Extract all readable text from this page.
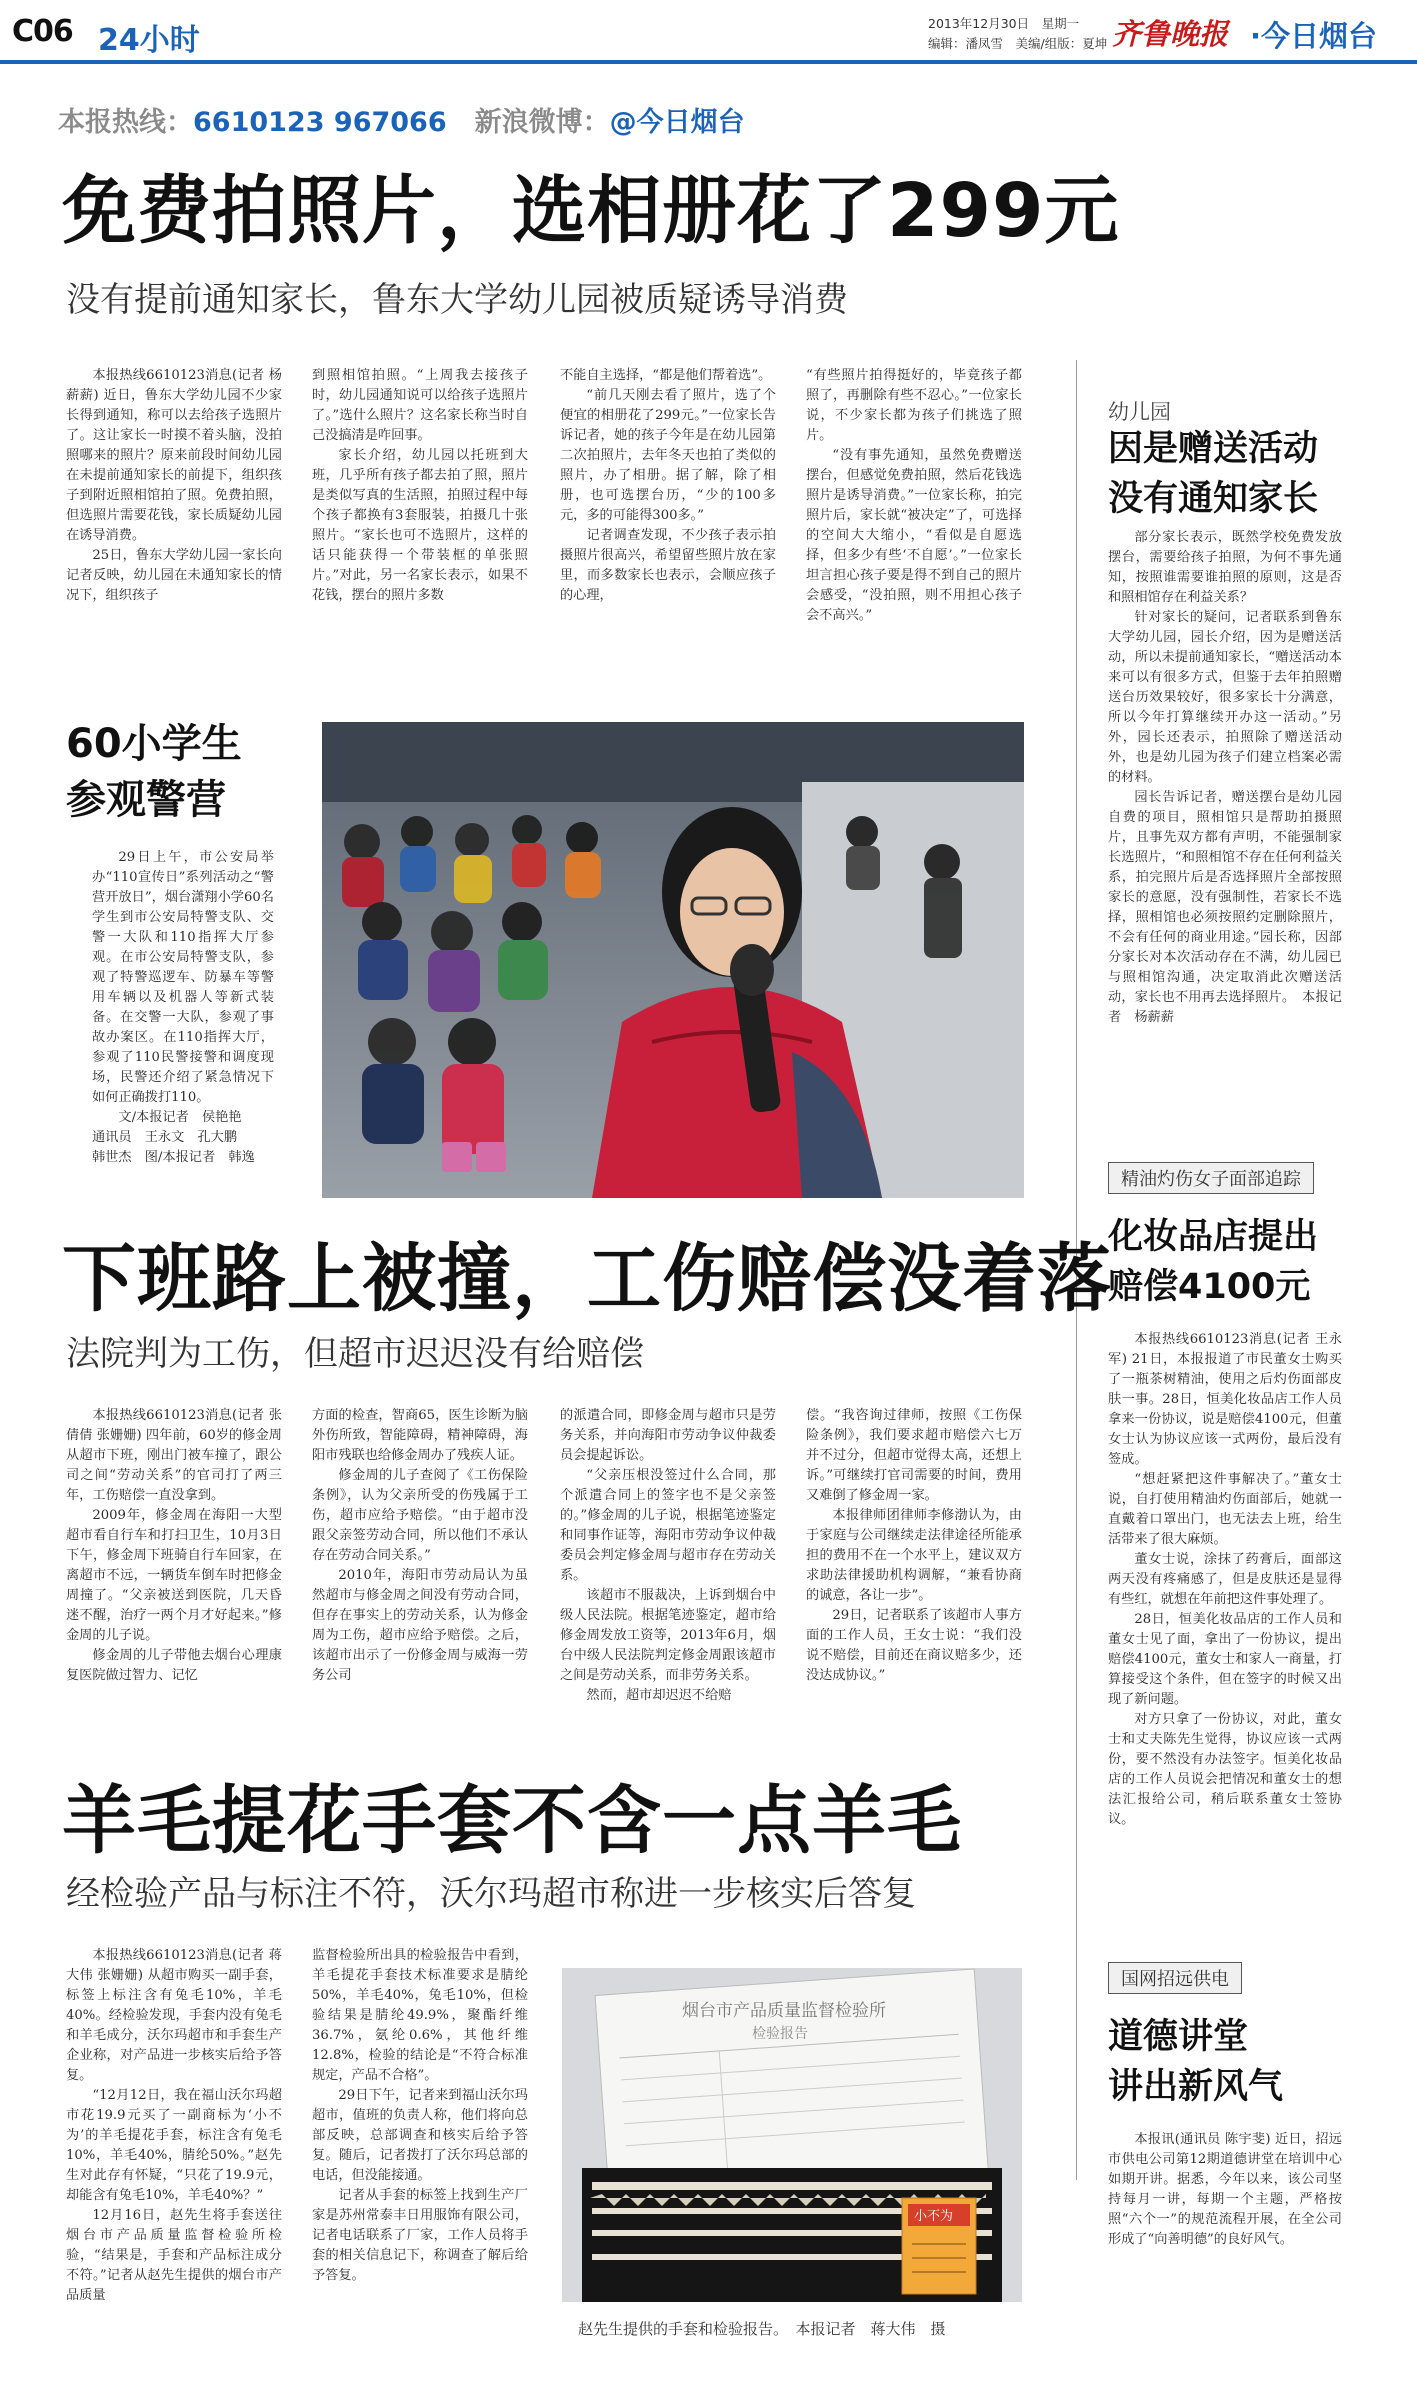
C06 24小时	2013年12月30日　星期一
编辑：潘凤雪　美编/组版：夏坤 齐鲁晚报 ·今日烟台
本报热线：6610123 967066 新浪微博：@今日烟台
免费拍照片，选相册花了299元
没有提前通知家长，鲁东大学幼儿园被质疑诱导消费

本报热线6610123消息(记者 杨薪薪) 近日，鲁东大学幼儿园不少家长得到通知，称可以去给孩子选照片了。这让家长一时摸不着头脑，没拍照哪来的照片？原来前段时间幼儿园在未提前通知家长的前提下，组织孩子到附近照相馆拍了照。免费拍照，但选照片需要花钱，家长质疑幼儿园在诱导消费。

25日，鲁东大学幼儿园一家长向记者反映，幼儿园在未通知家长的情况下，组织孩子

到照相馆拍照。“上周我去接孩子时，幼儿园通知说可以给孩子选照片了。”选什么照片？这名家长称当时自己没搞清是咋回事。

家长介绍，幼儿园以托班到大班，几乎所有孩子都去拍了照，照片是类似写真的生活照，拍照过程中每个孩子都换有3套服装，拍摄几十张照片。“家长也可不选照片，这样的话只能获得一个带装框的单张照片。”对此，另一名家长表示，如果不花钱，摆台的照片多数

不能自主选择，“都是他们帮着选”。

“前几天刚去看了照片，选了个便宜的相册花了299元。”一位家长告诉记者，她的孩子今年是在幼儿园第二次拍照片，去年冬天也拍了类似的照片，办了相册。据了解，除了相册，也可选摆台历，“少的100多元，多的可能得300多。”

记者调查发现，不少孩子表示拍摄照片很高兴，希望留些照片放在家里，而多数家长也表示，会顺应孩子的心理，

“有些照片拍得挺好的，毕竟孩子都照了，再删除有些不忍心。”一位家长说，不少家长都为孩子们挑选了照片。

“没有事先通知，虽然免费赠送摆台，但感觉免费拍照，然后花钱选照片是诱导消费。”一位家长称，拍完照片后，家长就“被决定”了，可选择的空间大大缩小，“看似是自愿选择，但多少有些‘不自愿’。”一位家长坦言担心孩子要是得不到自己的照片会感受，“没拍照，则不用担心孩子会不高兴。”

幼儿园
因是赠送活动
没有通知家长

部分家长表示，既然学校免费发放摆台，需要给孩子拍照，为何不事先通知，按照谁需要谁拍照的原则，这是否和照相馆存在利益关系？

针对家长的疑问，记者联系到鲁东大学幼儿园，园长介绍，因为是赠送活动，所以未提前通知家长，“赠送活动本来可以有很多方式，但鉴于去年拍照赠送台历效果较好，很多家长十分满意，所以今年打算继续开办这一活动。”另外，园长还表示，拍照除了赠送活动外，也是幼儿园为孩子们建立档案必需的材料。

园长告诉记者，赠送摆台是幼儿园自费的项目，照相馆只是帮助拍摄照片，且事先双方都有声明，不能强制家长选照片，“和照相馆不存在任何利益关系，拍完照片后是否选择照片全部按照家长的意愿，没有强制性，若家长不选择，照相馆也必须按照约定删除照片，不会有任何的商业用途。”园长称，因部分家长对本次活动存在不满，幼儿园已与照相馆沟通，决定取消此次赠送活动，家长也不用再去选择照片。　本报记者　杨薪薪

60小学生
参观警营

29日上午，市公安局举办“110宣传日”系列活动之“警营开放日”，烟台潇翔小学60名学生到市公安局特警支队、交警一大队和110指挥大厅参观。在市公安局特警支队，参观了特警巡逻车、防暴车等警用车辆以及机器人等新式装备。在交警一大队，参观了事故办案区。在110指挥大厅，参观了110民警接警和调度现场，民警还介绍了紧急情况下如何正确拨打110。

文/本报记者　侯艳艳

通讯员　王永文　孔大鹏

韩世杰　图/本报记者　韩逸

下班路上被撞，工伤赔偿没着落
法院判为工伤，但超市迟迟没有给赔偿

本报热线6610123消息(记者 张倩倩 张姗姗) 四年前，60岁的修金周从超市下班，刚出门被车撞了，跟公司之间“劳动关系”的官司打了两三年，工伤赔偿一直没拿到。

2009年，修金周在海阳一大型超市看自行车和打扫卫生，10月3日下午，修金周下班骑自行车回家，在离超市不远，一辆货车倒车时把修金周撞了。“父亲被送到医院，几天昏迷不醒，治疗一两个月才好起来。”修金周的儿子说。

修金周的儿子带他去烟台心理康复医院做过智力、记忆

方面的检查，智商65，医生诊断为脑外伤所致，智能障碍，精神障碍，海阳市残联也给修金周办了残疾人证。

修金周的儿子查阅了《工伤保险条例》，认为父亲所受的伤残属于工伤，超市应给予赔偿。“由于超市没跟父亲签劳动合同，所以他们不承认存在劳动合同关系。”

2010年，海阳市劳动局认为虽然超市与修金周之间没有劳动合同，但存在事实上的劳动关系，认为修金周为工伤，超市应给予赔偿。之后，该超市出示了一份修金周与威海一劳务公司

的派遣合同，即修金周与超市只是劳务关系，并向海阳市劳动争议仲裁委员会提起诉讼。

“父亲压根没签过什么合同，那个派遣合同上的签字也不是父亲签的。”修金周的儿子说，根据笔迹鉴定和同事作证等，海阳市劳动争议仲裁委员会判定修金周与超市存在劳动关系。

该超市不服裁决，上诉到烟台中级人民法院。根据笔迹鉴定，超市给修金周发放工资等，2013年6月，烟台中级人民法院判定修金周跟该超市之间是劳动关系，而非劳务关系。

然而，超市却迟迟不给赔

偿。“我咨询过律师，按照《工伤保险条例》，我们要求超市赔偿六七万并不过分，但超市觉得太高，还想上诉。”可继续打官司需要的时间，费用又难倒了修金周一家。

本报律师团律师李修渤认为，由于家庭与公司继续走法律途径所能承担的费用不在一个水平上，建议双方求助法律援助机构调解，“兼看协商的诚意，各让一步”。

29日，记者联系了该超市人事方面的工作人员，王女士说：“我们没说不赔偿，目前还在商议赔多少，还没达成协议。”

精油灼伤女子面部追踪
化妆品店提出
赔偿4100元

本报热线6610123消息(记者 王永军) 21日，本报报道了市民董女士购买了一瓶茶树精油，使用之后灼伤面部皮肤一事。28日，恒美化妆品店工作人员拿来一份协议，说是赔偿4100元，但董女士认为协议应该一式两份，最后没有签成。

“想赶紧把这件事解决了。”董女士说，自打使用精油灼伤面部后，她就一直戴着口罩出门，也无法去上班，给生活带来了很大麻烦。

董女士说，涂抹了药膏后，面部这两天没有疼痛感了，但是皮肤还是显得有些红，就想在年前把这件事处理了。

28日，恒美化妆品店的工作人员和董女士见了面，拿出了一份协议，提出赔偿4100元，董女士和家人一商量，打算接受这个条件，但在签字的时候又出现了新问题。

对方只拿了一份协议，对此，董女士和丈夫陈先生觉得，协议应该一式两份，要不然没有办法签字。恒美化妆品店的工作人员说会把情况和董女士的想法汇报给公司，稍后联系董女士签协议。

羊毛提花手套不含一点羊毛
经检验产品与标注不符，沃尔玛超市称进一步核实后答复

本报热线6610123消息(记者 蒋大伟 张姗姗) 从超市购买一副手套，标签上标注含有兔毛10%，羊毛40%。经检验发现，手套内没有兔毛和羊毛成分，沃尔玛超市和手套生产企业称，对产品进一步核实后给予答复。

“12月12日，我在福山沃尔玛超市花19.9元买了一副商标为‘小不为’的羊毛提花手套，标注含有兔毛10%，羊毛40%，腈纶50%。”赵先生对此存有怀疑，“只花了19.9元，却能含有兔毛10%，羊毛40%？”

12月16日，赵先生将手套送往烟台市产品质量监督检验所检验，“结果是，手套和产品标注成分不符。”记者从赵先生提供的烟台市产品质量

监督检验所出具的检验报告中看到，羊毛提花手套技术标准要求是腈纶50%，羊毛40%，兔毛10%，但检验结果是腈纶49.9%，聚酯纤维36.7%，氨纶0.6%，其他纤维12.8%，检验的结论是“不符合标准规定，产品不合格”。

29日下午，记者来到福山沃尔玛超市，值班的负责人称，他们将向总部反映，总部调查和核实后给予答复。随后，记者拨打了沃尔玛总部的电话，但没能接通。

记者从手套的标签上找到生产厂家是苏州常泰丰日用服饰有限公司，记者电话联系了厂家，工作人员将手套的相关信息记下，称调查了解后给予答复。

烟台市产品质量监督检验所
检验报告
小不为
赵先生提供的手套和检验报告。　本报记者　蒋大伟　摄
国网招远供电
道德讲堂
讲出新风气

本报讯(通讯员 陈宇斐) 近日，招远市供电公司第12期道德讲堂在培训中心如期开讲。据悉，今年以来，该公司坚持每月一讲，每期一个主题，严格按照“六个一”的规范流程开展，在全公司形成了“向善明德”的良好风气。
